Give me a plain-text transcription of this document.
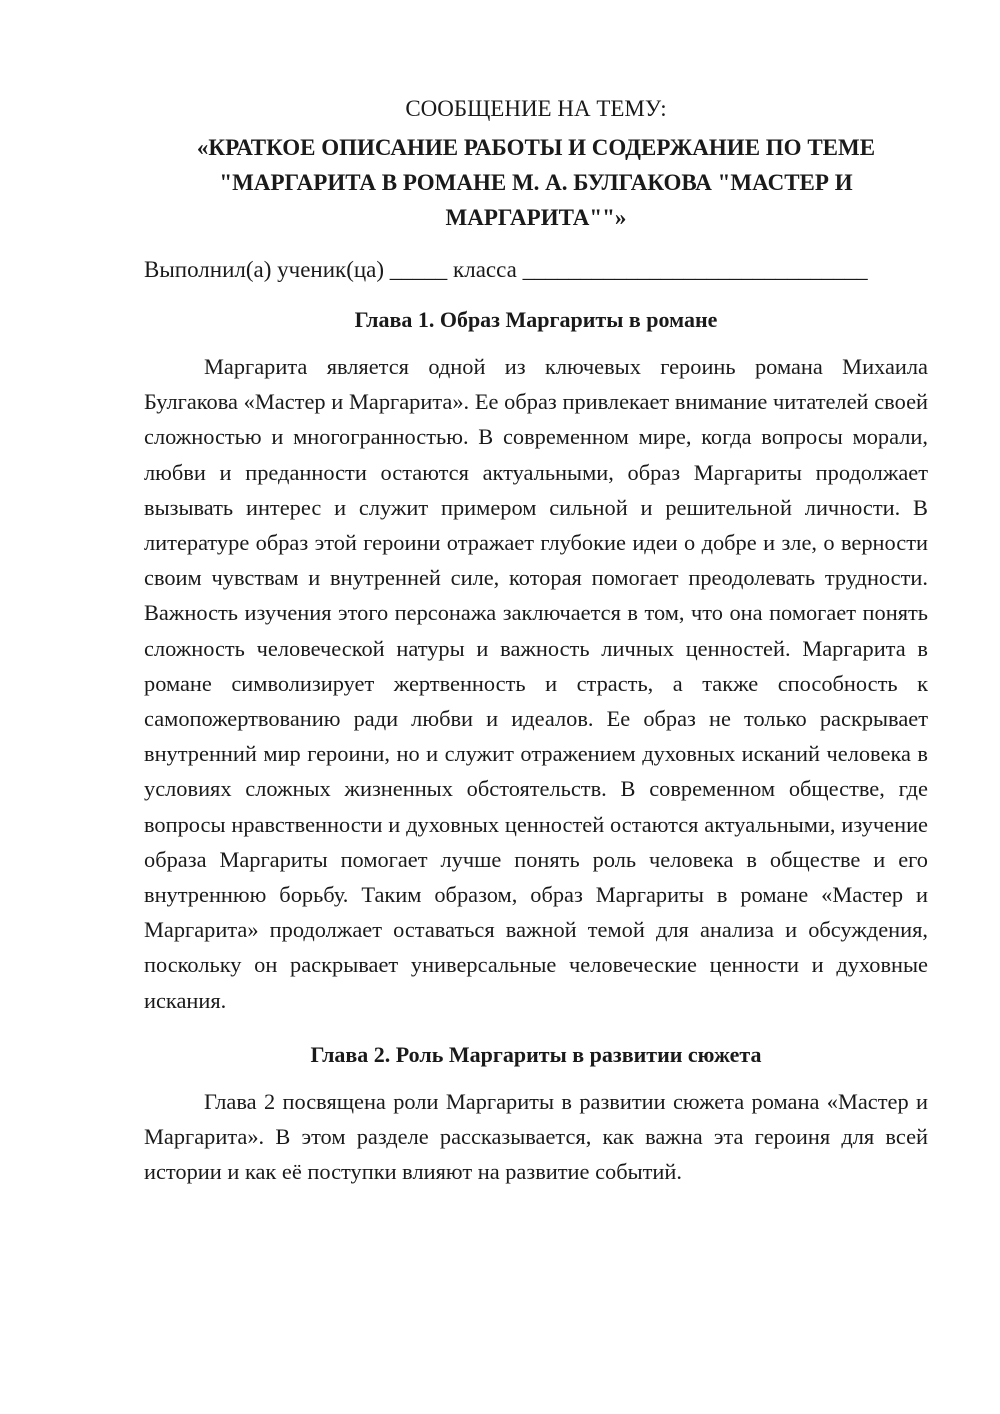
СООБЩЕНИЕ НА ТЕМУ:

«КРАТКОЕ ОПИСАНИЕ РАБОТЫ И СОДЕРЖАНИЕ ПО ТЕМЕ "МАРГАРИТА В РОМАНЕ М. А. БУЛГАКОВА "МАСТЕР И МАРГАРИТА""»

Выполнил(а) ученик(ца) _____ класса ______________________________

Глава 1. Образ Маргариты в романе

Маргарита является одной из ключевых героинь романа Михаила Булгакова «Мастер и Маргарита». Ее образ привлекает внимание читателей своей сложностью и многогранностью. В современном мире, когда вопросы морали, любви и преданности остаются актуальными, образ Маргариты продолжает вызывать интерес и служит примером сильной и решительной личности. В литературе образ этой героини отражает глубокие идеи о добре и зле, о верности своим чувствам и внутренней силе, которая помогает преодолевать трудности. Важность изучения этого персонажа заключается в том, что она помогает понять сложность человеческой натуры и важность личных ценностей. Маргарита в романе символизирует жертвенность и страсть, а также способность к самопожертвованию ради любви и идеалов. Ее образ не только раскрывает внутренний мир героини, но и служит отражением духовных исканий человека в условиях сложных жизненных обстоятельств. В современном обществе, где вопросы нравственности и духовных ценностей остаются актуальными, изучение образа Маргариты помогает лучше понять роль человека в обществе и его внутреннюю борьбу. Таким образом, образ Маргариты в романе «Мастер и Маргарита» продолжает оставаться важной темой для анализа и обсуждения, поскольку он раскрывает универсальные человеческие ценности и духовные искания.

Глава 2. Роль Маргариты в развитии сюжета

Глава 2 посвящена роли Маргариты в развитии сюжета романа «Мастер и Маргарита». В этом разделе рассказывается, как важна эта героиня для всей истории и как её поступки влияют на развитие событий.
